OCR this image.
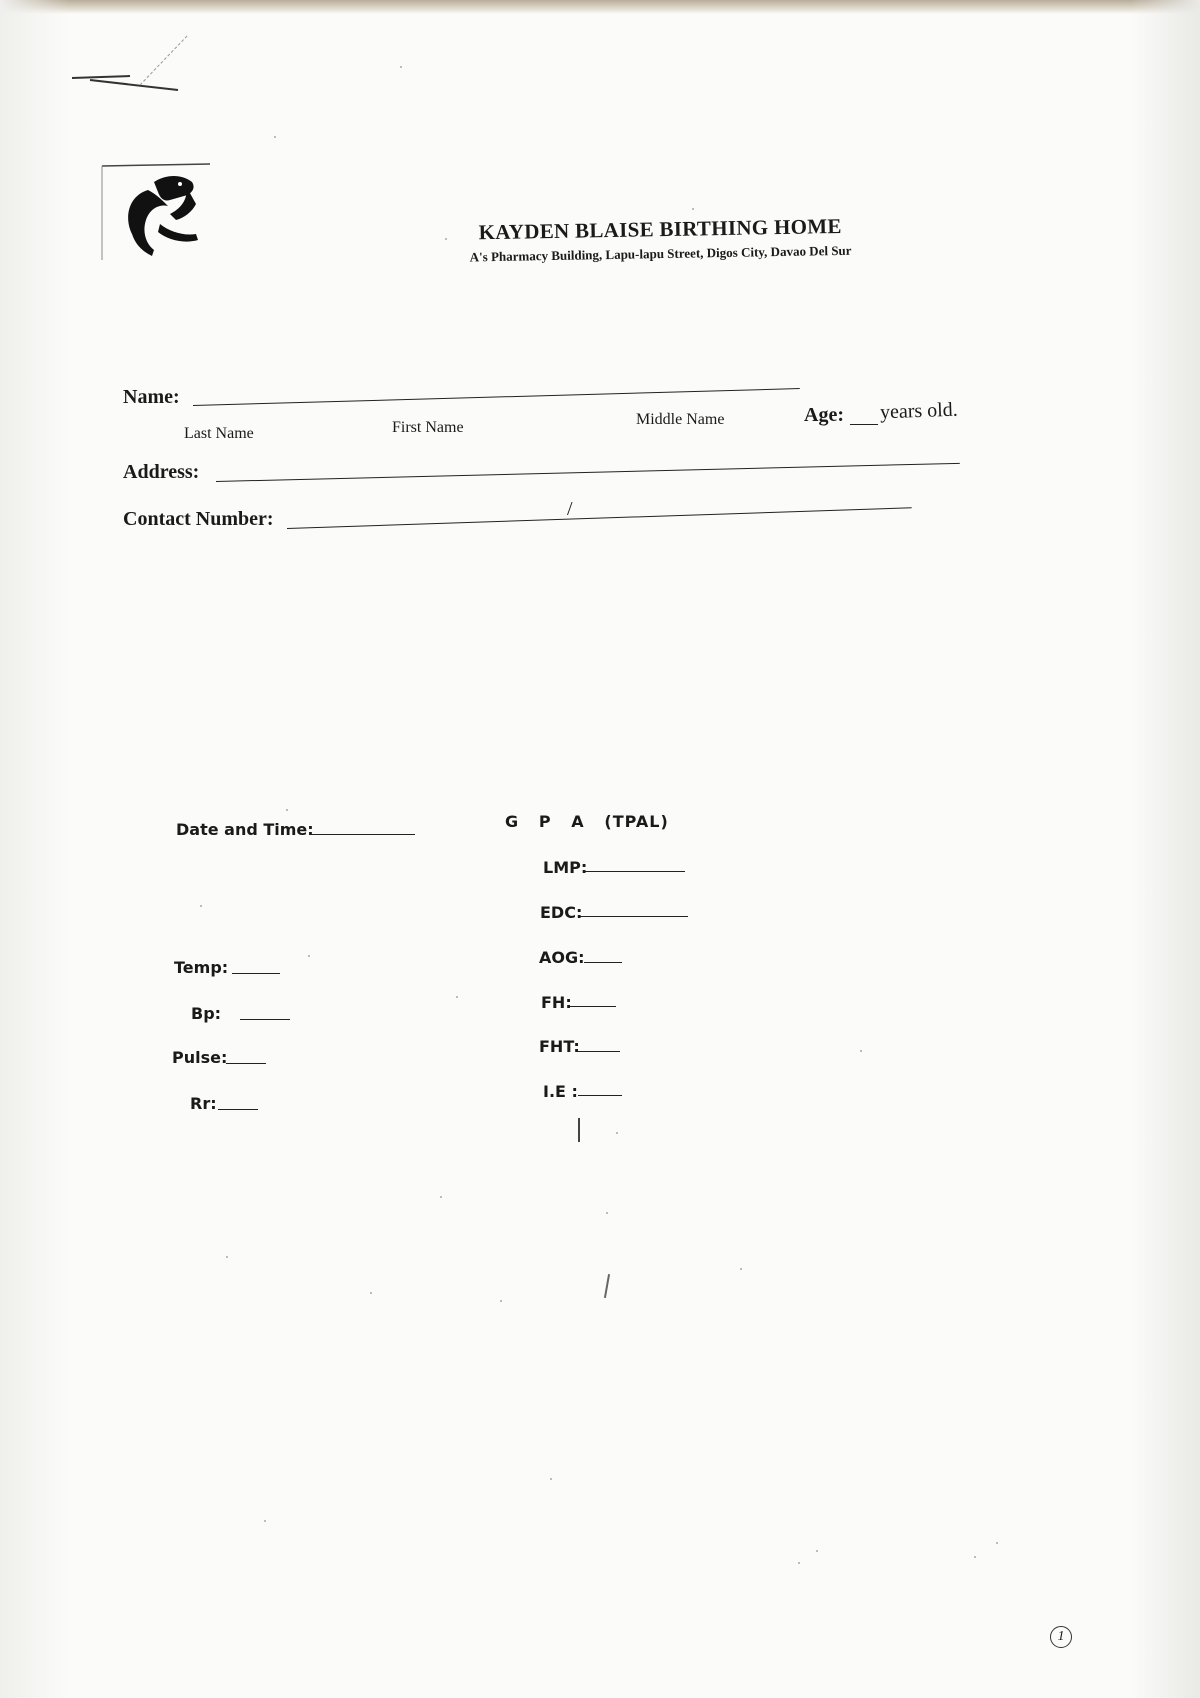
KAYDEN BLAISE BIRTHING HOME
A's Pharmacy Building, Lapu-lapu Street, Digos City, Davao Del Sur
Name:
Last Name	First Name	Middle Name	Age: years old.
Address:
Contact Number:	/
Date and Time:
Temp:
Bp:
Pulse:
Rr:
G   P   A   (TPAL)
LMP:
EDC:
AOG:
FH:
FHT:
I.E :
1
